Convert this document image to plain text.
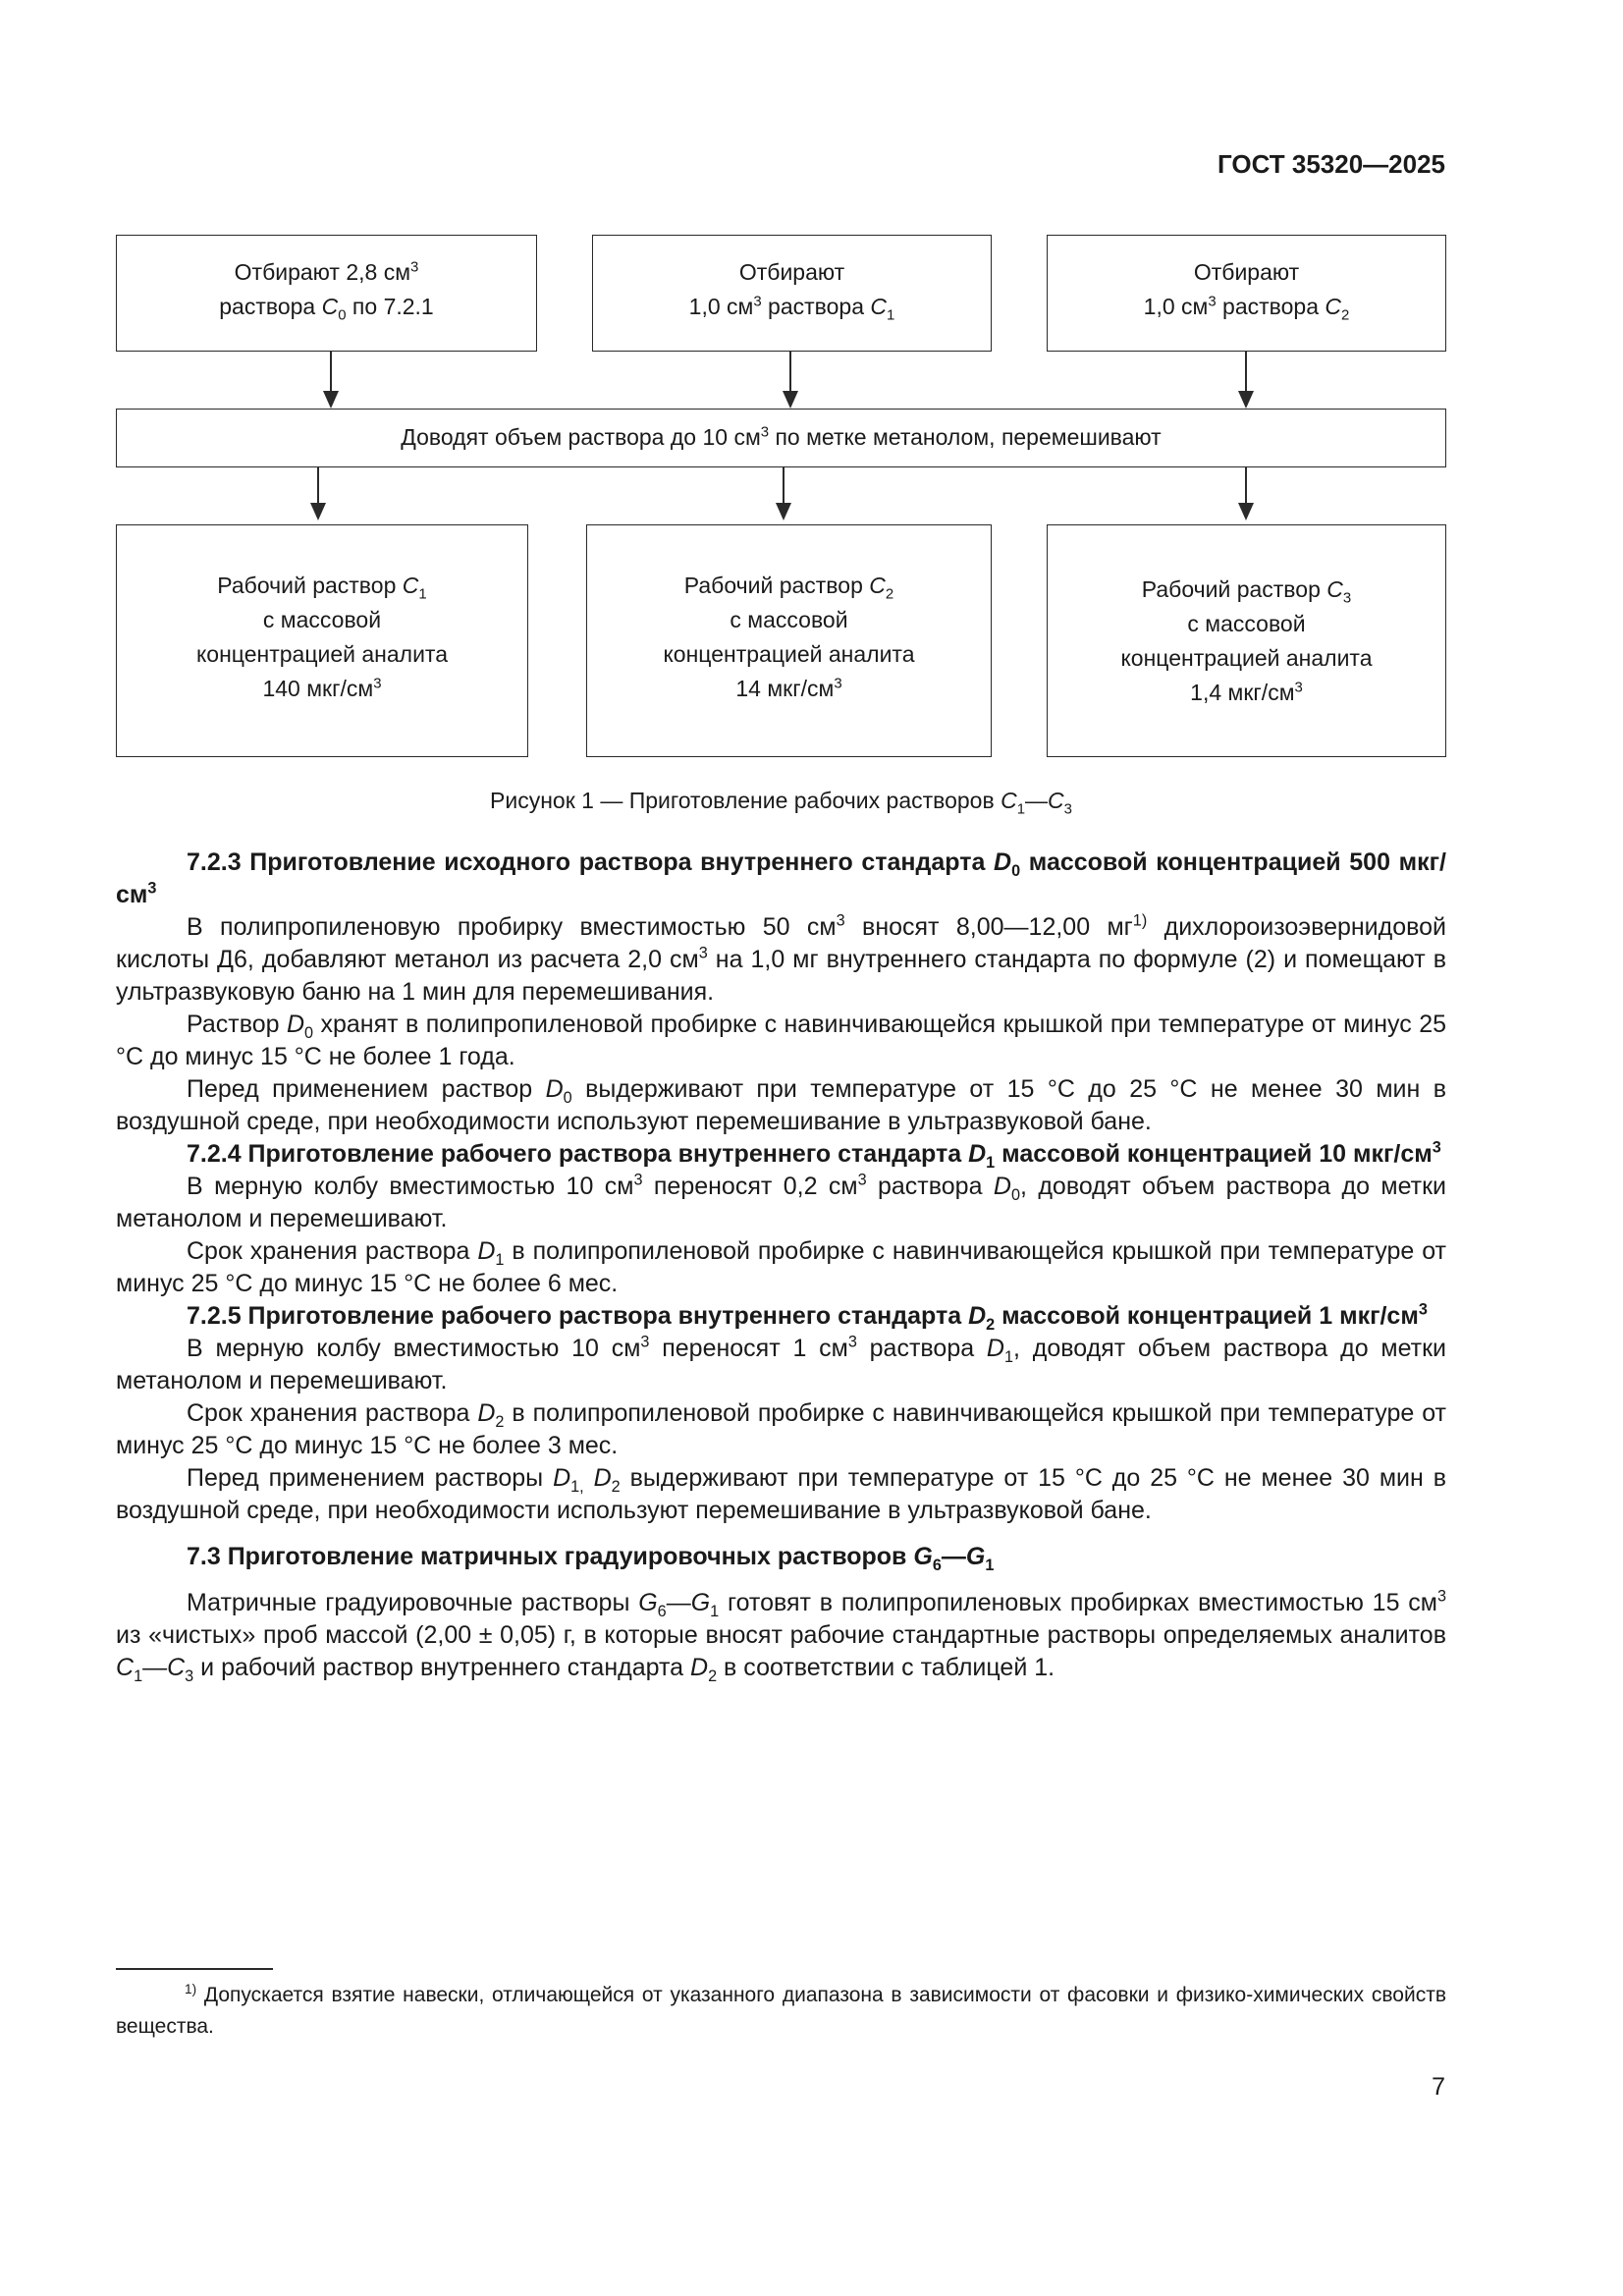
ГОСТ 35320—2025
Отбирают 2,8 $см^3$
раствора $C_0$ по 7.2.1
Отбирают
1,0 $см^3$ раствора $C_1$
Отбирают
1,0 $см^3$ раствора $C_2$
Доводят объем раствора до 10 $см^3$ по метке метанолом, перемешивают
Рабочий раствор $C_1$
с массовой
концентрацией аналита
140 мкг/$см^3$
Рабочий раствор $C_2$
с массовой
концентрацией аналита
14 мкг/$см^3$
Рабочий раствор $C_3$
с массовой
концентрацией аналита
1,4 мкг/$см^3$
Рисунок 1 — Приготовление рабочих растворов $C_1—C_3$

7.2.3 Приготовление исходного раствора внутреннего стандарта $D_0$ массовой концентрацией 500 мкг/$см^3$

В полипропиленовую пробирку вместимостью 50 $см^3$ вносят 8,00—12,00 $мг^{1)}$ дихлороизоэвернидовой кислоты Д6, добавляют метанол из расчета 2,0 $см^3$ на 1,0 мг внутреннего стандарта по формуле (2) и помещают в ультразвуковую баню на 1 мин для перемешивания.

Раствор $D_0$ хранят в полипропиленовой пробирке с навинчивающейся крышкой при температуре от минус 25 °С до минус 15 °С не более 1 года.

Перед применением раствор $D_0$ выдерживают при температуре от 15 °С до 25 °С не менее 30 мин в воздушной среде, при необходимости используют перемешивание в ультразвуковой бане.

7.2.4 Приготовление рабочего раствора внутреннего стандарта $D_1$ массовой концентрацией 10 мкг/$см^3$

В мерную колбу вместимостью 10 $см^3$ переносят 0,2 $см^3$ раствора $D_0$, доводят объем раствора до метки метанолом и перемешивают.

Срок хранения раствора $D_1$ в полипропиленовой пробирке с навинчивающейся крышкой при температуре от минус 25 °С до минус 15 °С не более 6 мес.

7.2.5 Приготовление рабочего раствора внутреннего стандарта $D_2$ массовой концентрацией 1 мкг/$см^3$

В мерную колбу вместимостью 10 $см^3$ переносят 1 $см^3$ раствора $D_1$, доводят объем раствора до метки метанолом и перемешивают.

Срок хранения раствора $D_2$ в полипропиленовой пробирке с навинчивающейся крышкой при температуре от минус 25 °С до минус 15 °С не более 3 мес.

Перед применением растворы $D_{1,}$ $D_2$ выдерживают при температуре от 15 °С до 25 °С не менее 30 мин в воздушной среде, при необходимости используют перемешивание в ультразвуковой бане.

7.3 Приготовление матричных градуировочных растворов $G_6—G_1$

Матричные градуировочные растворы $G_6—G_1$ готовят в полипропиленовых пробирках вместимостью 15 $см^3$ из «чистых» проб массой (2,00 ± 0,05) г, в которые вносят рабочие стандартные растворы определяемых аналитов $C_1—C_3$ и рабочий раствор внутреннего стандарта $D_2$ в соответствии с таблицей 1.

$^{1)}$ Допускается взятие навески, отличающейся от указанного диапазона в зависимости от фасовки и физико-химических свойств вещества.
7
